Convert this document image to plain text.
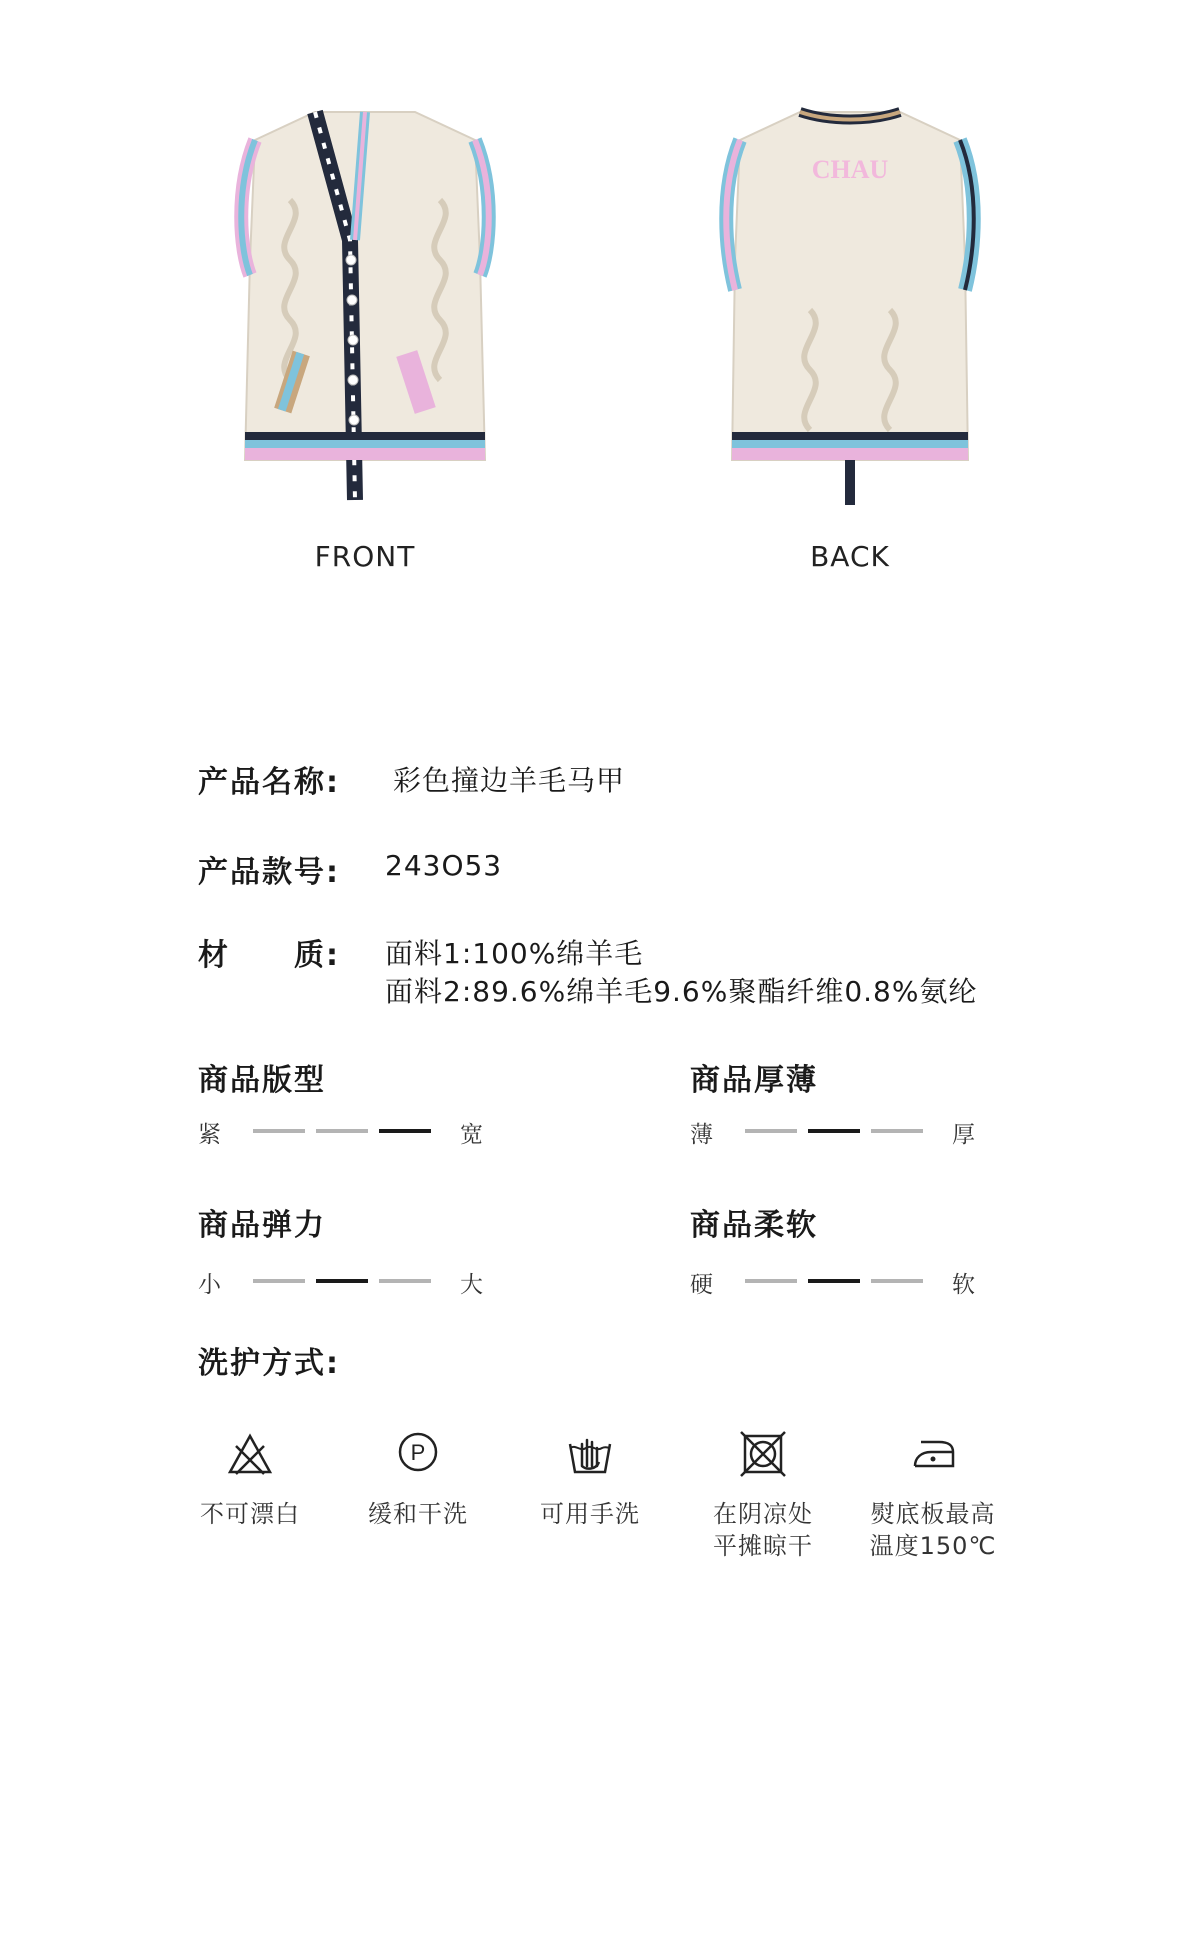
FRONT
CHAU
BACK
产品名称: 彩色撞边羊毛马甲
产品款号: 243O53
材　　质: 面料1:100%绵羊毛
面料2:89.6%绵羊毛9.6%聚酯纤维0.8%氨纶
商品版型
紧	宽
商品厚薄
薄	厚
商品弹力
小	大
商品柔软
硬	软
洗护方式:
不可漂白
P
缓和干洗	可用手洗	在阴凉处
平摊晾干
熨底板最高
温度150℃
